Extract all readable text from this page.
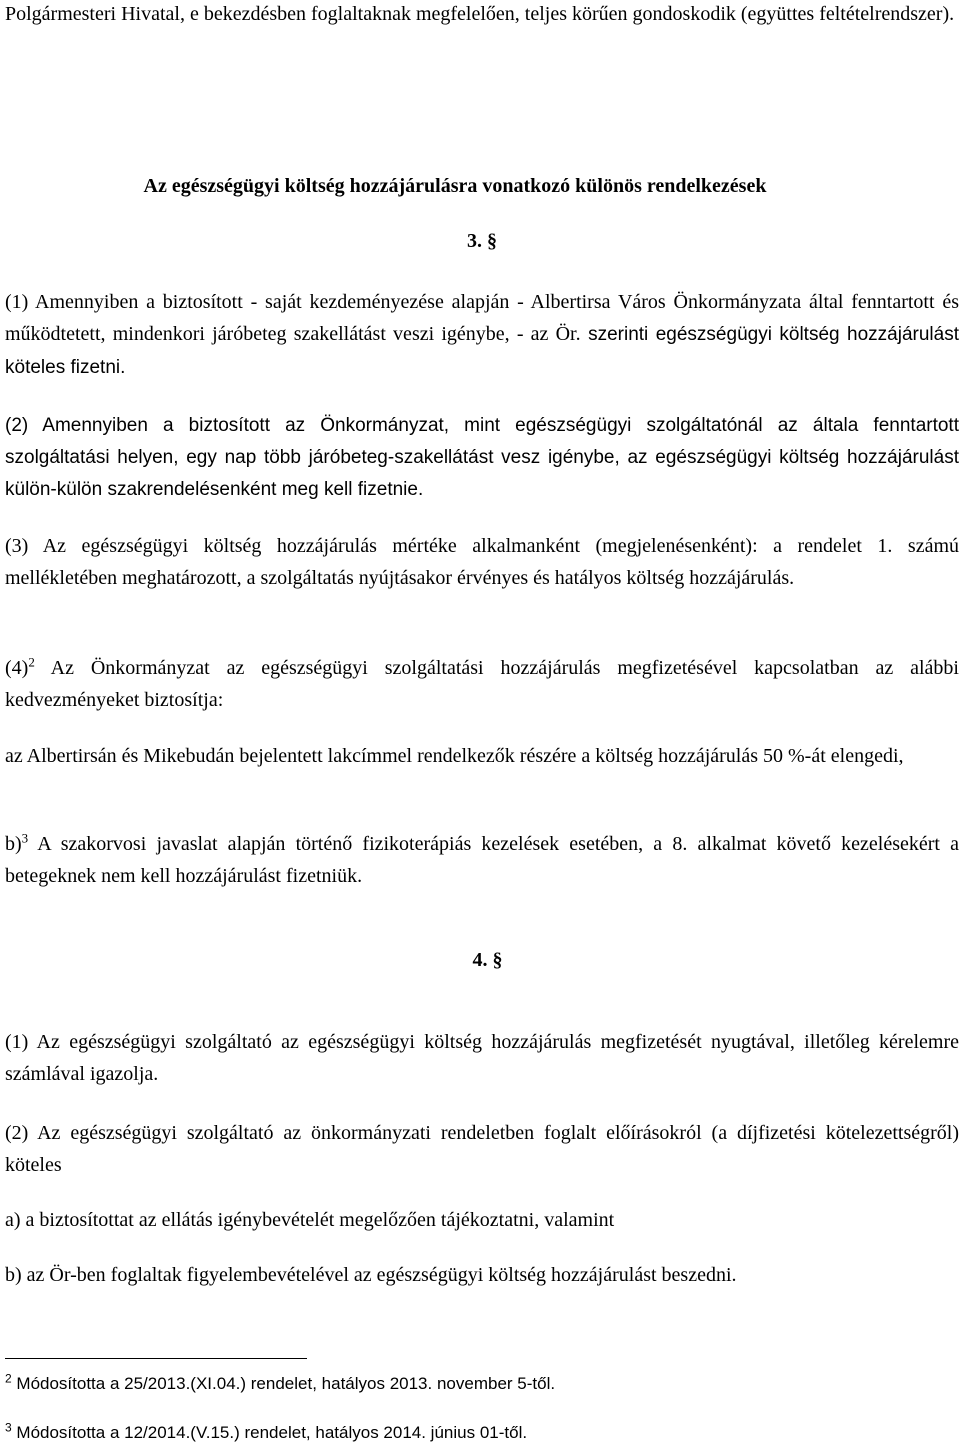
Polgármesteri Hivatal, e bekezdésben foglaltaknak megfelelően, teljes körűen gondoskodik (együttes feltételrendszer).

Az egészségügyi költség hozzájárulásra vonatkozó különös rendelkezések

3. §

(1) Amennyiben a biztosított - saját kezdeményezése alapján - Albertirsa Város Önkormányzata által fenntartott és működtetett, mindenkori járóbeteg szakellátást veszi igénybe, - az Ör. szerinti egészségügyi költség hozzájárulást köteles fizetni.

(2) Amennyiben a biztosított az Önkormányzat, mint egészségügyi szolgáltatónál az általa fenntartott szolgáltatási helyen, egy nap több járóbeteg-szakellátást vesz igénybe, az egészségügyi költség hozzájárulást külön-külön szakrendelésenként meg kell fizetnie.

(3) Az egészségügyi költség hozzájárulás mértéke alkalmanként (megjelenésenként): a rendelet 1. számú mellékletében meghatározott, a szolgáltatás nyújtásakor érvényes és hatályos költség hozzájárulás.

$(4)^2$ Az Önkormányzat az egészségügyi szolgáltatási hozzájárulás megfizetésével kapcsolatban az alábbi kedvezményeket biztosítja:

az Albertirsán és Mikebudán bejelentett lakcímmel rendelkezők részére a költség hozzájárulás 50 %-át elengedi,

b)$^3$ A szakorvosi javaslat alapján történő fizikoterápiás kezelések esetében, a 8. alkalmat követő kezelésekért a betegeknek nem kell hozzájárulást fizetniük.

4. §

(1) Az egészségügyi szolgáltató az egészségügyi költség hozzájárulás megfizetését nyugtával, illetőleg kérelemre számlával igazolja.

(2) Az egészségügyi szolgáltató az önkormányzati rendeletben foglalt előírásokról (a díjfizetési kötelezettségről) köteles

a) a biztosítottat az ellátás igénybevételét megelőzően tájékoztatni, valamint

b) az Ör-ben foglaltak figyelembevételével az egészségügyi költség hozzájárulást beszedni.

$^2$ Módosította a 25/2013.(XI.04.) rendelet, hatályos 2013. november 5-től.

$^3$ Módosította a 12/2014.(V.15.) rendelet, hatályos 2014. június 01-től.
